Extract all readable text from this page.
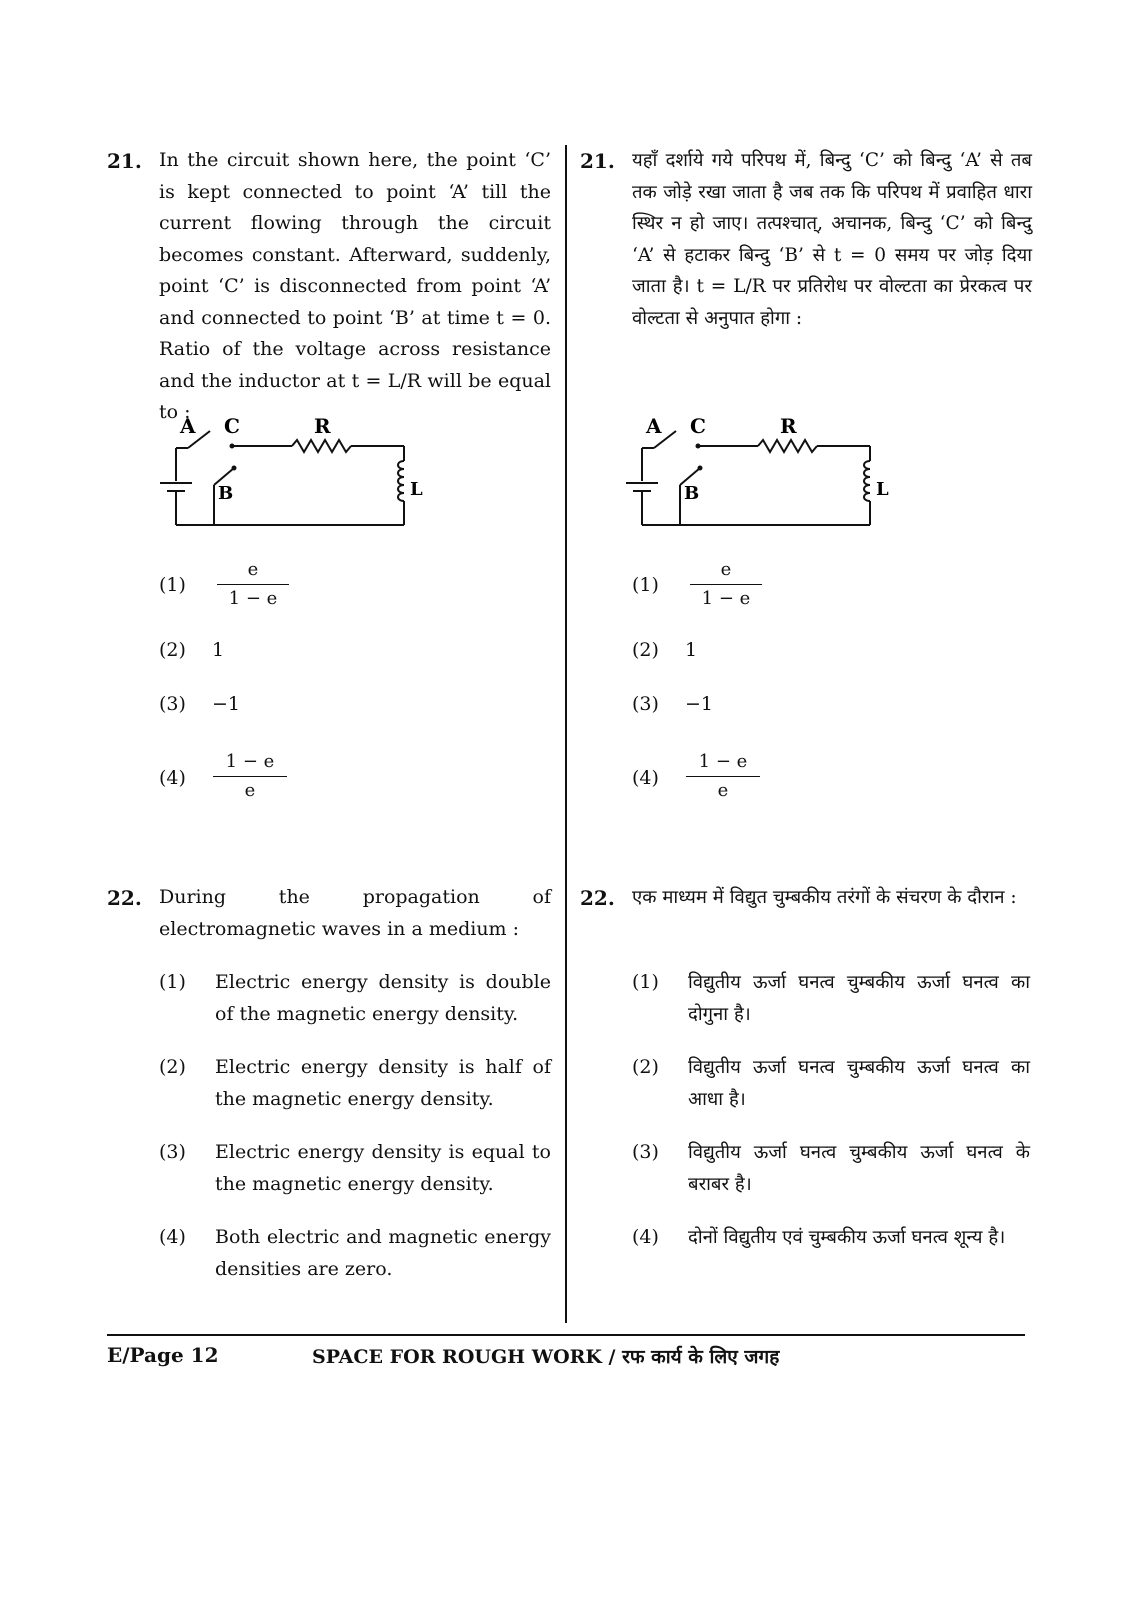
21. In the circuit shown here, the point ‘C’ is kept connected to point ‘A’ till the current flowing through the circuit becomes constant. Afterward, suddenly, point ‘C’ is disconnected from point ‘A’ and connected to point ‘B’ at time t = 0. Ratio of the voltage across resistance and the inductor at t = L/R will be equal to :
A C	R
B	L
(1)
e
1 − e
(2) 1
(3) −1
(4)
1 − e
e
22. During the propagation of electromagnetic waves in a medium :
(1) Electric energy density is double of the magnetic energy density.
(2) Electric energy density is half of the magnetic energy density.
(3) Electric energy density is equal to the magnetic energy density.
(4) Both electric and magnetic energy densities are zero.
21. यहाँ दर्शाये गये परिपथ में, बिन्दु ‘C’ को बिन्दु ‘A’ से तब तक जोड़े रखा जाता है जब तक कि परिपथ में प्रवाहित धारा स्थिर न हो जाए। तत्पश्चात्, अचानक, बिन्दु ‘C’ को बिन्दु ‘A’ से हटाकर बिन्दु ‘B’ से t = 0 समय पर जोड़ दिया जाता है। t = L/R पर प्रतिरोध पर वोल्टता का प्रेरकत्व पर वोल्टता से अनुपात होगा :
A C	R
B	L
(1)
e
1 − e
(2) 1
(3) −1
(4)
1 − e
e
22. एक माध्यम में विद्युत चुम्बकीय तरंगों के संचरण के दौरान :
(1) विद्युतीय ऊर्जा घनत्व चुम्बकीय ऊर्जा घनत्व का दोगुना है।
(2) विद्युतीय ऊर्जा घनत्व चुम्बकीय ऊर्जा घनत्व का आधा है।
(3) विद्युतीय ऊर्जा घनत्व चुम्बकीय ऊर्जा घनत्व के बराबर है।
(4) दोनों विद्युतीय एवं चुम्बकीय ऊर्जा घनत्व शून्य है।
E/Page 12	SPACE FOR ROUGH WORK / रफ कार्य के लिए जगह
